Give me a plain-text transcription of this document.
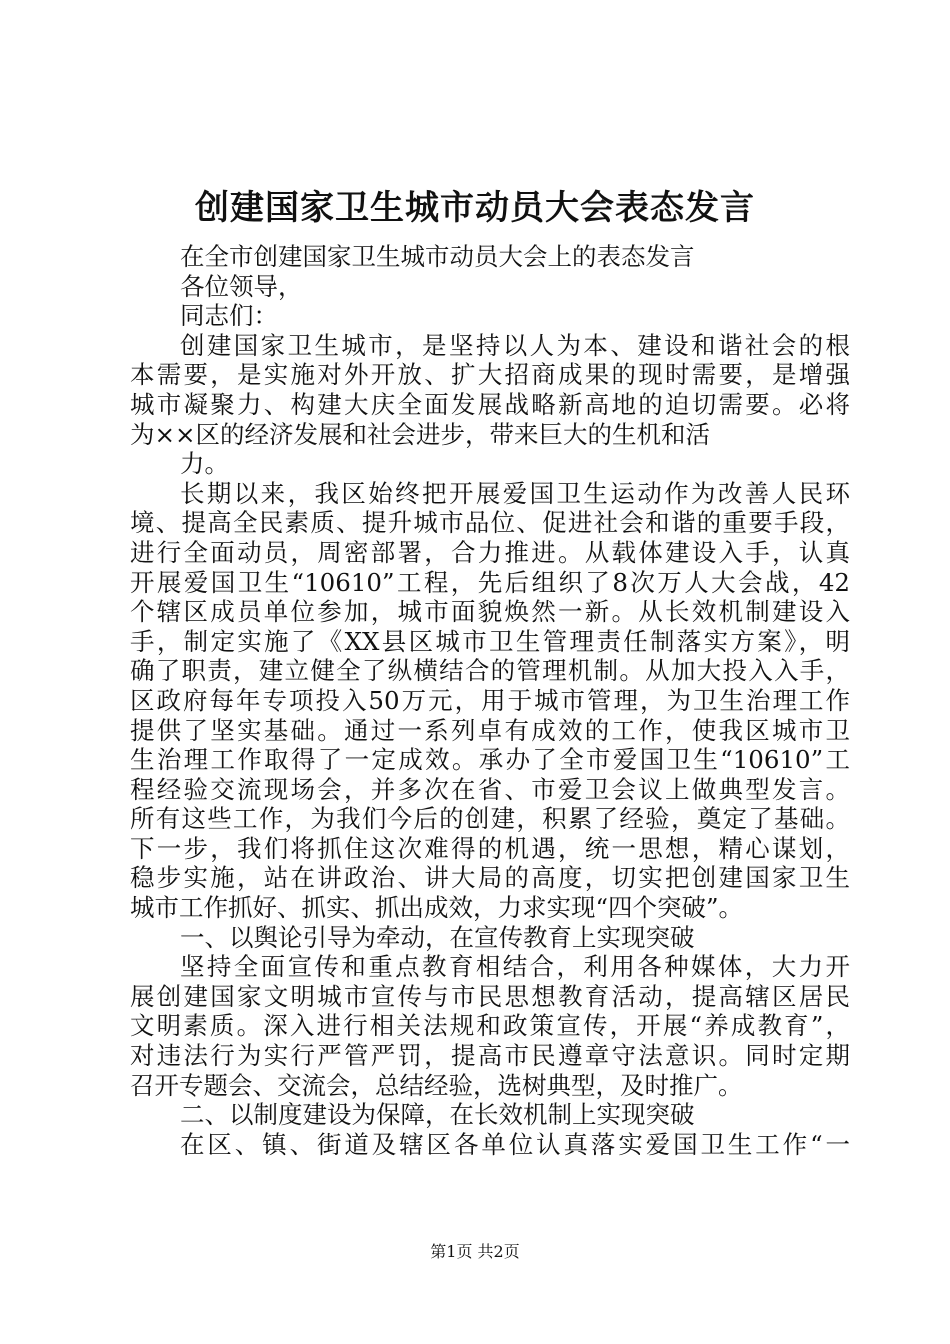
创建国家卫生城市动员大会表态发言
在全市创建国家卫生城市动员大会上的表态发言
各位领导，
同志们：
创建国家卫生城市，是坚持以人为本、建设和谐社会的根
本需要，是实施对外开放、扩大招商成果的现时需要，是增强
城市凝聚力、构建大庆全面发展战略新高地的迫切需要。必将
为××区的经济发展和社会进步，带来巨大的生机和活
力。
长期以来，我区始终把开展爱国卫生运动作为改善人民环
境、提高全民素质、提升城市品位、促进社会和谐的重要手段，
进行全面动员，周密部署，合力推进。从载体建设入手，认真
开展爱国卫生“10610”工程，先后组织了8次万人大会战，42
个辖区成员单位参加，城市面貌焕然一新。从长效机制建设入
手，制定实施了《XX县区城市卫生管理责任制落实方案》，明
确了职责，建立健全了纵横结合的管理机制。从加大投入入手，
区政府每年专项投入50万元，用于城市管理，为卫生治理工作
提供了坚实基础。通过一系列卓有成效的工作，使我区城市卫
生治理工作取得了一定成效。承办了全市爱国卫生“10610”工
程经验交流现场会，并多次在省、市爱卫会议上做典型发言。
所有这些工作，为我们今后的创建，积累了经验，奠定了基础。
下一步，我们将抓住这次难得的机遇，统一思想，精心谋划，
稳步实施，站在讲政治、讲大局的高度，切实把创建国家卫生
城市工作抓好、抓实、抓出成效，力求实现“四个突破”。
一、以舆论引导为牵动，在宣传教育上实现突破
坚持全面宣传和重点教育相结合，利用各种媒体，大力开
展创建国家文明城市宣传与市民思想教育活动，提高辖区居民
文明素质。深入进行相关法规和政策宣传，开展“养成教育”，
对违法行为实行严管严罚，提高市民遵章守法意识。同时定期
召开专题会、交流会，总结经验，选树典型，及时推广。
二、以制度建设为保障，在长效机制上实现突破
在区、镇、街道及辖区各单位认真落实爱国卫生工作“一
第1页 共2页
